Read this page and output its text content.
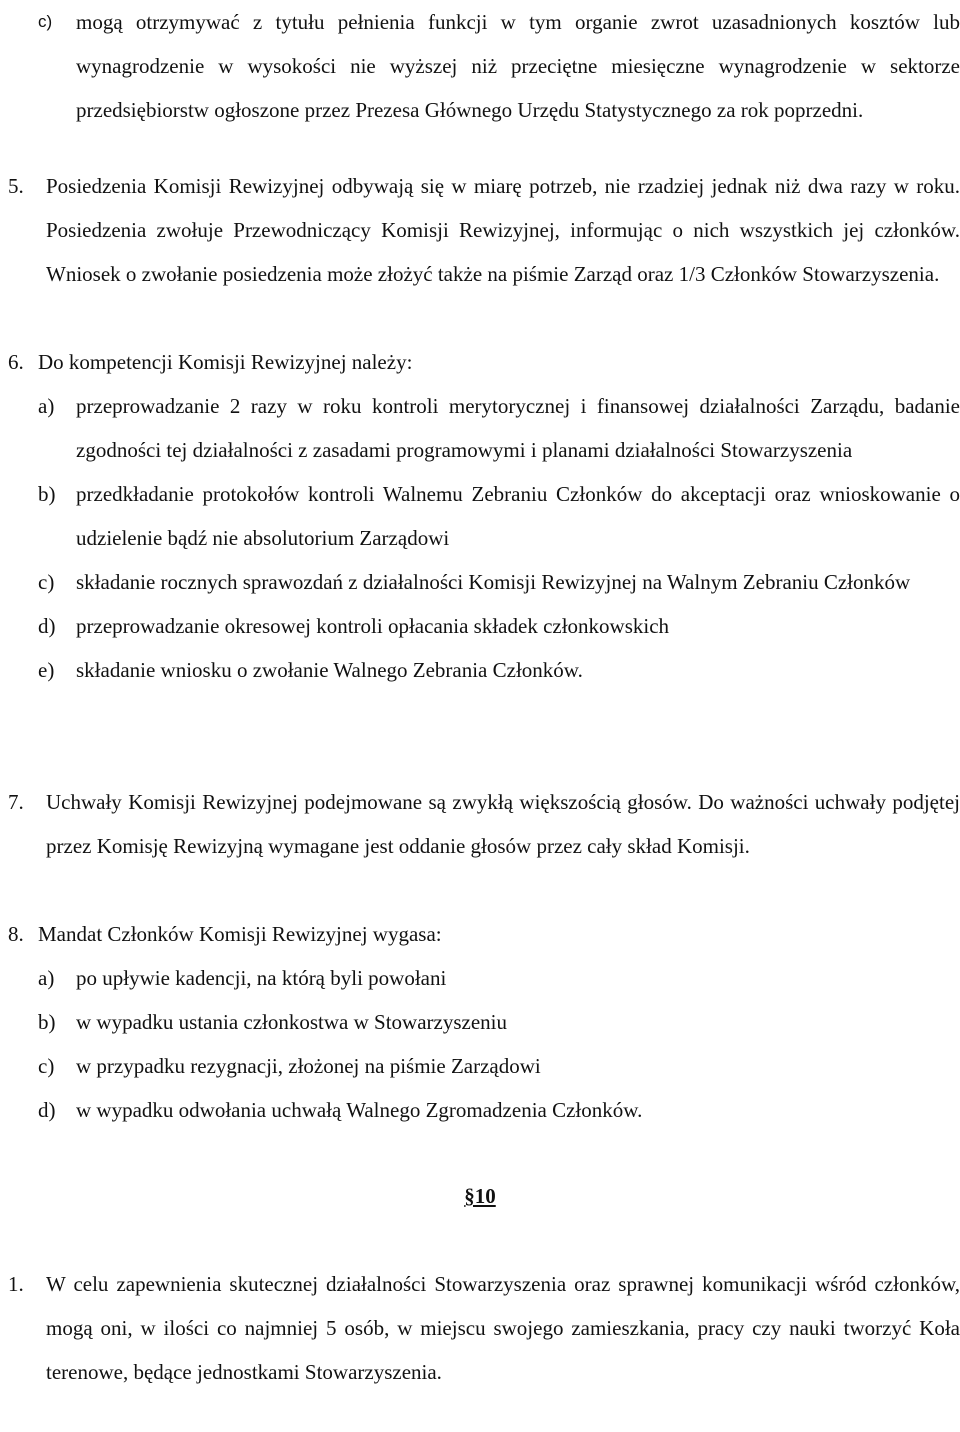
c) mogą otrzymywać z tytułu pełnienia funkcji w tym organie zwrot uzasadnionych kosztów lub wynagrodzenie w wysokości nie wyższej niż przeciętne miesięczne wynagrodzenie w sektorze przedsiębiorstw ogłoszone przez Prezesa Głównego Urzędu Statystycznego za rok poprzedni.
5. Posiedzenia Komisji Rewizyjnej odbywają się w miarę potrzeb, nie rzadziej jednak niż dwa razy w roku. Posiedzenia zwołuje Przewodniczący Komisji Rewizyjnej, informując o nich wszystkich jej członków. Wniosek o zwołanie posiedzenia może złożyć także na piśmie Zarząd oraz 1/3 Członków Stowarzyszenia.
6. Do kompetencji Komisji Rewizyjnej należy:
a) przeprowadzanie 2 razy w roku kontroli merytorycznej i finansowej działalności Zarządu, badanie zgodności tej działalności z zasadami programowymi i planami działalności Stowarzyszenia
b) przedkładanie protokołów kontroli Walnemu Zebraniu Członków do akceptacji oraz wnioskowanie o udzielenie bądź nie absolutorium Zarządowi
c) składanie rocznych sprawozdań z działalności Komisji Rewizyjnej na Walnym Zebraniu Członków
d) przeprowadzanie okresowej kontroli opłacania składek członkowskich
e) składanie wniosku o zwołanie Walnego Zebrania Członków.
7. Uchwały Komisji Rewizyjnej podejmowane są zwykłą większością głosów. Do ważności uchwały podjętej przez Komisję Rewizyjną wymagane jest oddanie głosów przez cały skład Komisji.
8. Mandat Członków Komisji Rewizyjnej wygasa:
a) po upływie kadencji, na którą byli powołani
b) w wypadku ustania członkostwa w Stowarzyszeniu
c) w przypadku rezygnacji, złożonej na piśmie Zarządowi
d) w wypadku odwołania uchwałą Walnego Zgromadzenia Członków.
§10
1. W celu zapewnienia skutecznej działalności Stowarzyszenia oraz sprawnej komunikacji wśród członków, mogą oni, w ilości co najmniej 5 osób, w miejscu swojego zamieszkania, pracy czy nauki tworzyć Koła terenowe, będące jednostkami Stowarzyszenia.
